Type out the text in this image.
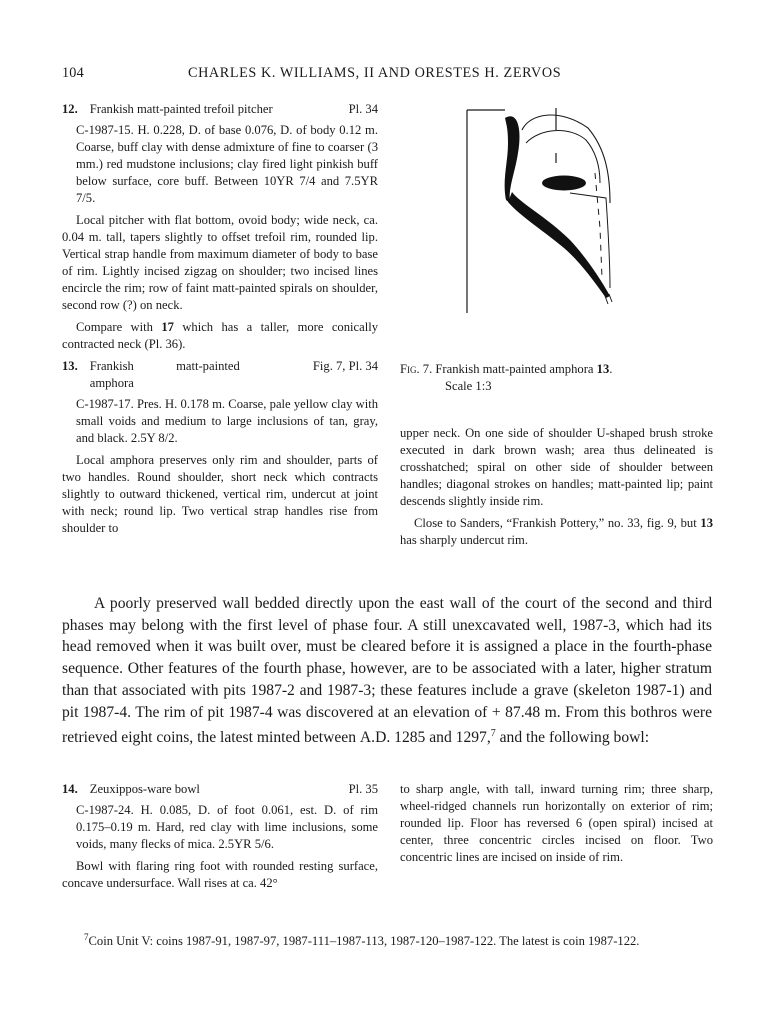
104	CHARLES K. WILLIAMS, II AND ORESTES H. ZERVOS
12. Frankish matt-painted trefoil pitcher	Pl. 34

C-1987-15. H. 0.228, D. of base 0.076, D. of body 0.12 m. Coarse, buff clay with dense admixture of fine to coarser (3 mm.) red mudstone inclusions; clay fired light pinkish buff below surface, core buff. Between 10YR 7/4 and 7.5YR 7/5.

Local pitcher with flat bottom, ovoid body; wide neck, ca. 0.04 m. tall, tapers slightly to offset trefoil rim, rounded lip. Vertical strap handle from maximum diameter of body to base of rim. Lightly incised zigzag on shoulder; two incised lines encircle the rim; row of faint matt-painted spirals on shoulder, second row (?) on neck.

Compare with 17 which has a taller, more conically contracted neck (Pl. 36).

13. Frankish matt-painted amphora
Fig. 7, Pl. 34

C-1987-17. Pres. H. 0.178 m. Coarse, pale yellow clay with small voids and medium to large inclusions of tan, gray, and black. 2.5Y 8/2.

Local amphora preserves only rim and shoulder, parts of two handles. Round shoulder, short neck which contracts slightly to outward thickened, vertical rim, undercut at joint with neck; round lip. Two vertical strap handles rise from shoulder to

Fig. 7. Frankish matt-painted amphora 13.
Scale 1:3

upper neck. On one side of shoulder U-shaped brush stroke executed in dark brown wash; area thus delineated is crosshatched; spiral on other side of shoulder between handles; diagonal strokes on handles; matt-painted lip; paint descends slightly inside rim.

Close to Sanders, “Frankish Pottery,” no. 33, fig. 9, but 13 has sharply undercut rim.

A poorly preserved wall bedded directly upon the east wall of the court of the second and third phases may belong with the first level of phase four. A still unexcavated well, 1987-3, which had its head removed when it was built over, must be cleared before it is assigned a place in the fourth-phase sequence. Other features of the fourth phase, however, are to be associated with a later, higher stratum than that associated with pits 1987-2 and 1987-3; these features include a grave (skeleton 1987-1) and pit 1987-4. The rim of pit 1987-4 was discovered at an elevation of + 87.48 m. From this bothros were retrieved eight coins, the latest minted between A.D. 1285 and 1297,$^7$ and the following bowl:

14. Zeuxippos-ware bowl	Pl. 35

C-1987-24. H. 0.085, D. of foot 0.061, est. D. of rim 0.175–0.19 m. Hard, red clay with lime inclusions, some voids, many flecks of mica. 2.5YR 5/6.

Bowl with flaring ring foot with rounded resting surface, concave undersurface. Wall rises at ca. 42°

to sharp angle, with tall, inward turning rim; three sharp, wheel-ridged channels run horizontally on exterior of rim; rounded lip. Floor has reversed 6 (open spiral) incised at center, three concentric circles incised on floor. Two concentric lines are incised on inside of rim.

$^7$Coin Unit V: coins 1987-91, 1987-97, 1987-111–1987-113, 1987-120–1987-122. The latest is coin 1987-122.
